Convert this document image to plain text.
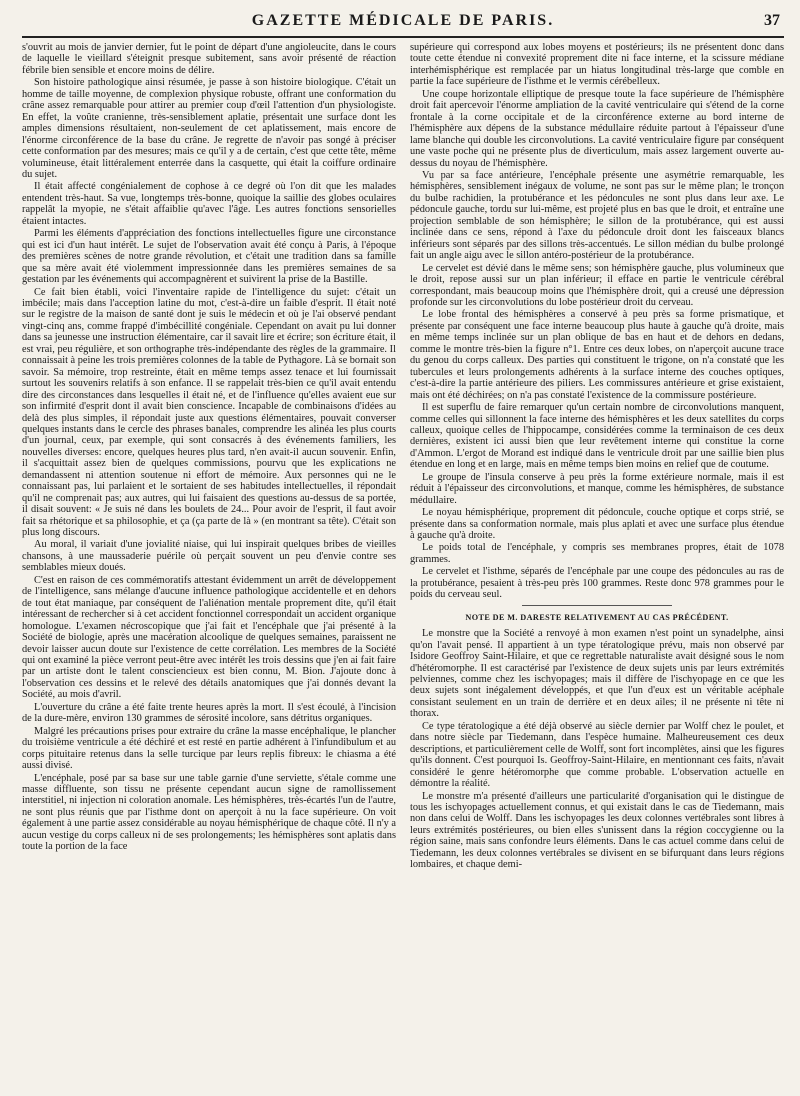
GAZETTE MÉDICALE DE PARIS.	37

s'ouvrit au mois de janvier dernier, fut le point de départ d'une angioleucite, dans le cours de laquelle le vieillard s'éteignit presque subitement, sans avoir présenté de réaction fébrile bien sensible et encore moins de délire.

Son histoire pathologique ainsi résumée, je passe à son histoire biologique. C'était un homme de taille moyenne, de complexion physique robuste, offrant une conformation du crâne assez remarquable pour attirer au premier coup d'œil l'attention d'un physiologiste. En effet, la voûte cranienne, très-sensiblement aplatie, présentait une surface dont les amples dimensions résultaient, non-seulement de cet aplatissement, mais encore de l'énorme circonférence de la base du crâne. Je regrette de n'avoir pas songé à préciser cette conformation par des mesures; mais ce qu'il y a de certain, c'est que cette tête, même volumineuse, était littéralement enterrée dans la casquette, qui était la coiffure ordinaire du sujet.

Il était affecté congénialement de cophose à ce degré où l'on dit que les malades entendent très-haut. Sa vue, longtemps très-bonne, quoique la saillie des globes oculaires rappelât la myopie, ne s'était affaiblie qu'avec l'âge. Les autres fonctions sensorielles étaient intactes.

Parmi les éléments d'appréciation des fonctions intellectuelles figure une circonstance qui est ici d'un haut intérêt. Le sujet de l'observation avait été conçu à Paris, à l'époque des premières scènes de notre grande révolution, et c'était une tradition dans sa famille que sa mère avait été violemment impressionnée dans les premières semaines de sa gestation par les événements qui accompagnèrent et suivirent la prise de la Bastille.

Ce fait bien établi, voici l'inventaire rapide de l'intelligence du sujet: c'était un imbécile; mais dans l'acception latine du mot, c'est-à-dire un faible d'esprit. Il était noté sur le registre de la maison de santé dont je suis le médecin et où je l'ai observé pendant vingt-cinq ans, comme frappé d'imbécillité congéniale. Cependant on avait pu lui donner dans sa jeunesse une instruction élémentaire, car il savait lire et écrire; son écriture était, il est vrai, peu régulière, et son orthographe très-indépendante des règles de la grammaire. Il connaissait à peine les trois premières colonnes de la table de Pythagore. Là se bornait son savoir. Sa mémoire, trop restreinte, était en même temps assez tenace et lui fournissait surtout les souvenirs relatifs à son enfance. Il se rappelait très-bien ce qu'il avait entendu dire des circonstances dans lesquelles il était né, et de l'influence qu'elles avaient eue sur son infirmité d'esprit dont il avait bien conscience. Incapable de combinaisons d'idées au delà des plus simples, il répondait juste aux questions élémentaires, pouvait converser quelques instants dans le cercle des phrases banales, comprendre les alinéa les plus courts d'un journal, ceux, par exemple, qui sont consacrés à des événements familiers, les nouvelles diverses: encore, quelques heures plus tard, n'en avait-il aucun souvenir. Enfin, il s'acquittait assez bien de quelques commissions, pourvu que les explications ne demandassent ni attention soutenue ni effort de mémoire. Aux personnes qui ne le connaissant pas, lui parlaient et le sortaient de ses habitudes intellectuelles, il répondait qu'il ne comprenait pas; aux autres, qui lui faisaient des questions au-dessus de sa portée, il disait souvent: « Je suis né dans les boulets de 24... Pour avoir de l'esprit, il faut avoir fait sa rhétorique et sa philosophie, et ça (ça parte de là » (en montrant sa tête). C'était son plus long discours.

Au moral, il variait d'une jovialité niaise, qui lui inspirait quelques bribes de vieilles chansons, à une maussaderie puérile où perçait souvent un peu d'envie contre ses semblables mieux doués.

C'est en raison de ces commémoratifs attestant évidemment un arrêt de développement de l'intelligence, sans mélange d'aucune influence pathologique accidentelle et en dehors de tout état maniaque, par conséquent de l'aliénation mentale proprement dite, qu'il était intéressant de rechercher si à cet accident fonctionnel correspondait un accident organique homologue. L'examen nécroscopique que j'ai fait et l'encéphale que j'ai présenté à la Société de biologie, après une macération alcoolique de quelques semaines, paraissent ne devoir laisser aucun doute sur l'existence de cette corrélation. Les membres de la Société qui ont examiné la pièce verront peut-être avec intérêt les trois dessins que j'en ai fait faire par un artiste dont le talent consciencieux est bien connu, M. Bion. J'ajoute donc à l'observation ces dessins et le relevé des détails anatomiques que j'ai donnés devant la Société, au mois d'avril.

L'ouverture du crâne a été faite trente heures après la mort. Il s'est écoulé, à l'incision de la dure-mère, environ 130 grammes de sérosité incolore, sans détritus organiques.

Malgré les précautions prises pour extraire du crâne la masse encéphalique, le plancher du troisième ventricule a été déchiré et est resté en partie adhérent à l'infundibulum et au corps pituitaire retenus dans la selle turcique par leurs replis fibreux: le chiasma a été aussi divisé.

L'encéphale, posé par sa base sur une table garnie d'une serviette, s'étale comme une masse diffluente, son tissu ne présente cependant aucun signe de ramollissement interstitiel, ni injection ni coloration anomale. Les hémisphères, très-écartés l'un de l'autre, ne sont plus réunis que par l'isthme dont on aperçoit à nu la face supérieure. On voit également à une partie assez considérable au noyau hémisphérique de chaque côté. Il n'y a aucun vestige du corps calleux ni de ses prolongements; les hémisphères sont aplatis dans toute la portion de la face

supérieure qui correspond aux lobes moyens et postérieurs; ils ne présentent donc dans toute cette étendue ni convexité proprement dite ni face interne, et la scissure médiane interhémisphérique est remplacée par un hiatus longitudinal très-large que comble en partie la face supérieure de l'isthme et le vermis cérébelleux.

Une coupe horizontale elliptique de presque toute la face supérieure de l'hémisphère droit fait apercevoir l'énorme ampliation de la cavité ventriculaire qui s'étend de la corne frontale à la corne occipitale et de la circonférence externe au bord interne de l'hémisphère aux dépens de la substance médullaire réduite partout à l'épaisseur d'une lame blanche qui double les circonvolutions. La cavité ventriculaire figure par conséquent une vaste poche qui ne présente plus de diverticulum, mais assez largement ouverte au-dessus du noyau de l'hémisphère.

Vu par sa face antérieure, l'encéphale présente une asymétrie remarquable, les hémisphères, sensiblement inégaux de volume, ne sont pas sur le même plan; le tronçon du bulbe rachidien, la protubérance et les pédoncules ne sont plus dans leur axe. Le pédoncule gauche, tordu sur lui-même, est projeté plus en bas que le droit, et entraîne une projection semblable de son hémisphère; le sillon de la protubérance, qui est aussi inclinée dans ce sens, répond à l'axe du pédoncule droit dont les faisceaux blancs inférieurs sont séparés par des sillons très-accentués. Le sillon médian du bulbe prolongé fait un angle aigu avec le sillon antéro-postérieur de la protubérance.

Le cervelet est dévié dans le même sens; son hémisphère gauche, plus volumineux que le droit, repose aussi sur un plan inférieur; il efface en partie le ventricule cérébral correspondant, mais beaucoup moins que l'hémisphère droit, qui a creusé une dépression profonde sur les circonvolutions du lobe postérieur droit du cerveau.

Le lobe frontal des hémisphères a conservé à peu près sa forme prismatique, et présente par conséquent une face interne beaucoup plus haute à gauche qu'à droite, mais en même temps inclinée sur un plan oblique de bas en haut et de dehors en dedans, comme le montre très-bien la figure n°1. Entre ces deux lobes, on n'aperçoit aucune trace du genou du corps calleux. Des parties qui constituent le trigone, on n'a constaté que les tubercules et leurs prolongements adhérents à la surface interne des couches optiques, c'est-à-dire la partie antérieure des piliers. Les commissures antérieure et grise existaient, mais ont été déchirées; on n'a pas constaté l'existence de la commissure postérieure.

Il est superflu de faire remarquer qu'un certain nombre de circonvolutions manquent, comme celles qui sillonnent la face interne des hémisphères et les deux satellites du corps calleux, quoique celles de l'hippocampe, considérées comme la terminaison de ces deux dernières, existent ici aussi bien que leur revêtement interne qui constitue la corne d'Ammon. L'ergot de Morand est indiqué dans le ventricule droit par une saillie bien plus étendue en long et en large, mais en même temps bien moins en relief que de coutume.

Le groupe de l'insula conserve à peu près la forme extérieure normale, mais il est réduit à l'épaisseur des circonvolutions, et manque, comme les hémisphères, de substance médullaire.

Le noyau hémisphérique, proprement dit pédoncule, couche optique et corps strié, se présente dans sa conformation normale, mais plus aplati et avec une surface plus étendue à gauche qu'à droite.

Le poids total de l'encéphale, y compris ses membranes propres, était de 1078 grammes.

Le cervelet et l'isthme, séparés de l'encéphale par une coupe des pédoncules au ras de la protubérance, pesaient à très-peu près 100 grammes. Reste donc 978 grammes pour le poids du cerveau seul.

NOTE DE M. DARESTE RELATIVEMENT AU CAS PRÉCÉDENT.

Le monstre que la Société a renvoyé à mon examen n'est point un synadelphe, ainsi qu'on l'avait pensé. Il appartient à un type tératologique prévu, mais non observé par Isidore Geoffroy Saint-Hilaire, et que ce regrettable naturaliste avait désigné sous le nom d'hétéromorphe. Il est caractérisé par l'existence de deux sujets unis par leurs extrémités pelviennes, comme chez les ischyopages; mais il diffère de l'ischyopage en ce que les deux sujets sont inégalement développés, et que l'un d'eux est un véritable acéphale consistant seulement en un train de derrière et en deux ailes; il ne présente ni tête ni thorax.

Ce type tératologique a été déjà observé au siècle dernier par Wolff chez le poulet, et dans notre siècle par Tiedemann, dans l'espèce humaine. Malheureusement ces deux descriptions, et particulièrement celle de Wolff, sont fort incomplètes, ainsi que les figures qu'ils donnent. C'est pourquoi Is. Geoffroy-Saint-Hilaire, en mentionnant ces faits, n'avait considéré le genre hétéromorphe que comme probable. L'observation actuelle en démontre la réalité.

Le monstre m'a présenté d'ailleurs une particularité d'organisation qui le distingue de tous les ischyopages actuellement connus, et qui existait dans le cas de Tiedemann, mais non dans celui de Wolff. Dans les ischyopages les deux colonnes vertébrales sont libres à leurs extrémités postérieures, ou bien elles s'unissent dans la région coccygienne ou la région saine, mais sans confondre leurs éléments. Dans le cas actuel comme dans celui de Tiedemann, les deux colonnes vertébrales se divisent en se bifurquant dans leurs régions lombaires, et chaque demi-
